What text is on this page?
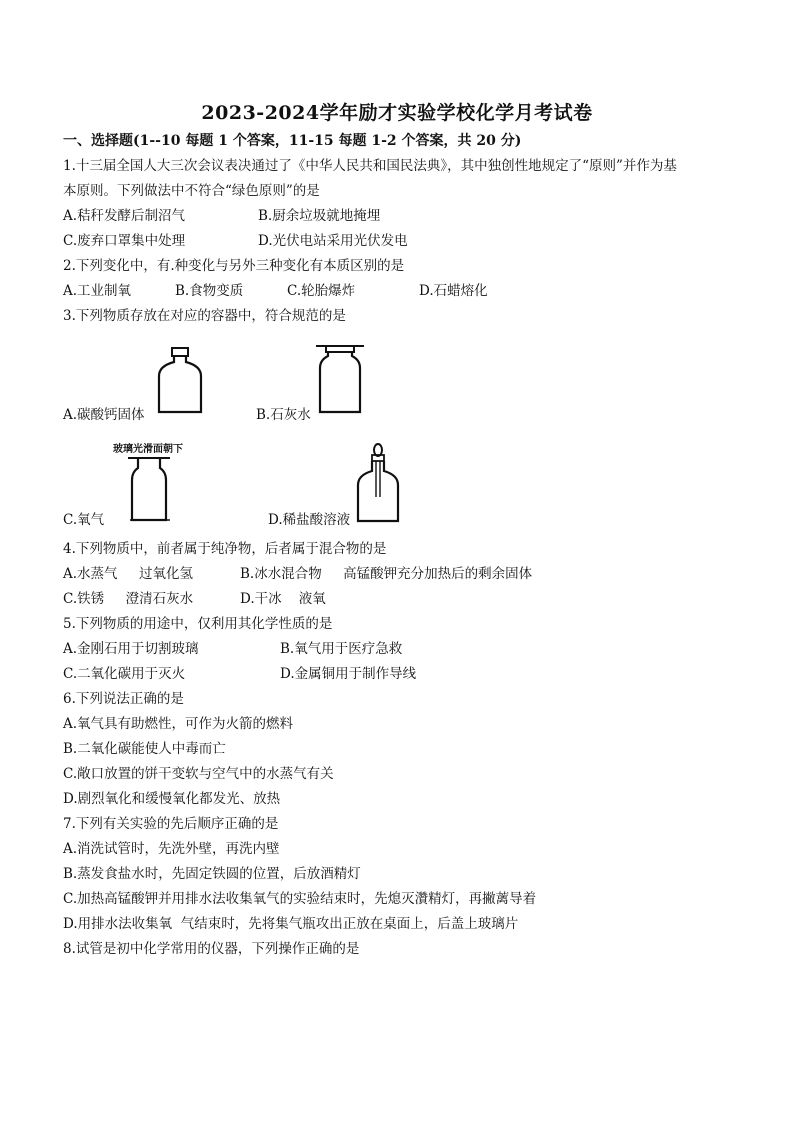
2023-2024学年励才实验学校化学月考试卷
一、选择题(1--10 每题 1 个答案，11-15 每题 1-2 个答案，共 20 分)
1.十三届全国人大三次会议表决通过了《中华人民共和国民法典》，其中独创性地规定了“原则”并作为基
本原则。下列做法中不符合“绿色原则”的是
A.秸秆发酵后制沼气	B.厨余垃圾就地掩埋
C.废弃口罩集中处理	D.光伏电站采用光伏发电
2.下列变化中，有.种变化与另外三种变化有本质区别的是
A.工业制氧	B.食物变质	C.轮胎爆炸	D.石蜡熔化
3.下列物质存放在对应的容器中，符合规范的是
A.碳酸钙固体	B.石灰水
玻璃光滑面朝下
C.氧气	D.稀盐酸溶液
4.下列物质中，前者属于纯净物，后者属于混合物的是
A.水蒸气     过氧化氢	B.冰水混合物     高锰酸钾充分加热后的剩余固体
C.铁锈     澄清石灰水	D.干冰    液氧
5.下列物质的用途中，仅利用其化学性质的是
A.金刚石用于切割玻璃	B.氧气用于医疗急救
C.二氧化碳用于灭火	D.金属铜用于制作导线
6.下列说法正确的是
A.氧气具有助燃性，可作为火箭的燃料
B.二氧化碳能使人中毒而亡
C.敞口放置的饼干变软与空气中的水蒸气有关
D.剧烈氧化和缓慢氧化都发光、放热
7.下列有关实验的先后顺序正确的是
A.消洗试管时，先洗外壁，再洗内壁
B.蒸发食盐水时，先固定铁圆的位置，后放酒精灯
C.加热高锰酸钾并用排水法收集氧气的实验结束时，先熄灭灒精灯，再撇蓠导着
D.用排水法收集氧  气结束时，先将集气瓶攻出正放在桌面上，后盖上玻璃片
8.试管是初中化学常用的仪器，下列操作正确的是
